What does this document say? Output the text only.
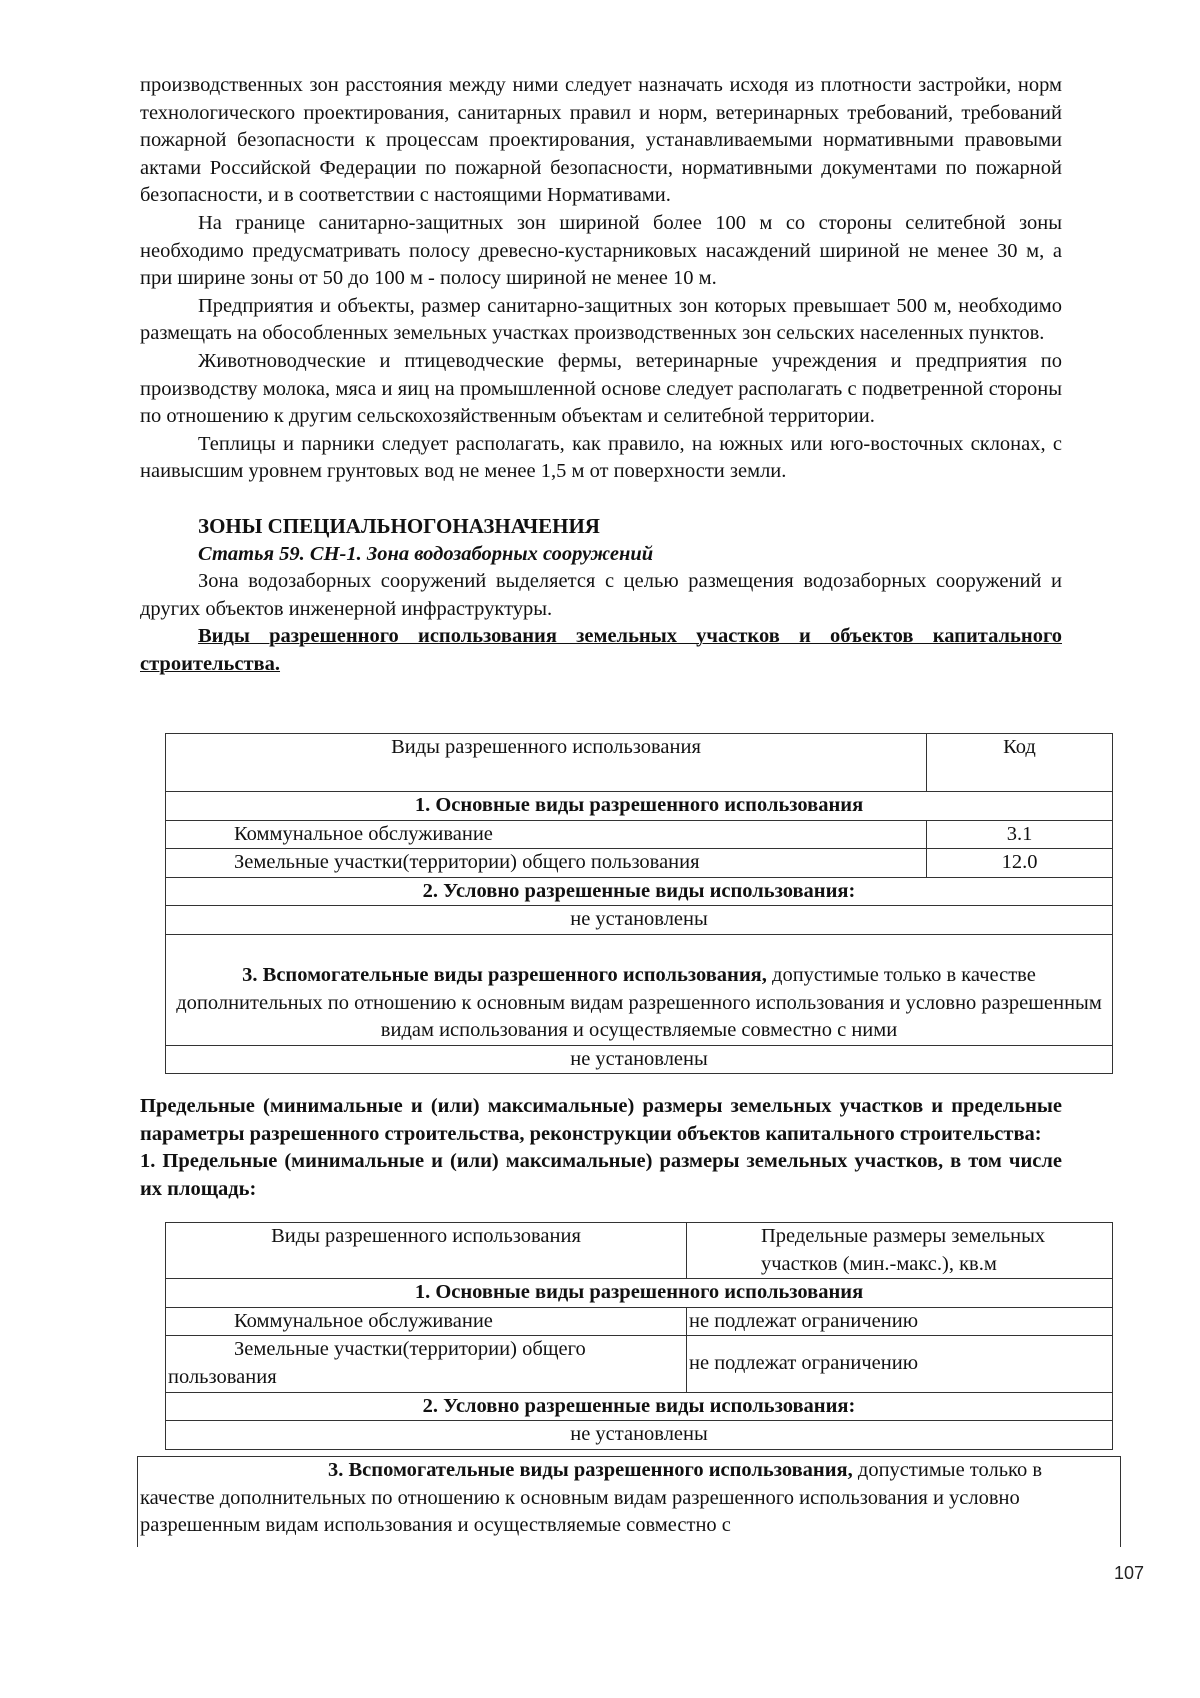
производственных зон расстояния между ними следует назначать исходя из плотности застройки, норм технологического проектирования, санитарных правил и норм, ветеринарных требований, требований пожарной безопасности к процессам проектирования, устанавливаемыми нормативными правовыми актами Российской Федерации по пожарной безопасности, нормативными документами по пожарной безопасности, и в соответствии с настоящими Нормативами.

На границе санитарно-защитных зон шириной более 100 м со стороны селитебной зоны необходимо предусматривать полосу древесно-кустарниковых насаждений шириной не менее 30 м, а при ширине зоны от 50 до 100 м - полосу шириной не менее 10 м.

Предприятия и объекты, размер санитарно-защитных зон которых превышает 500 м, необходимо размещать на обособленных земельных участках производственных зон сельских населенных пунктов.

Животноводческие и птицеводческие фермы, ветеринарные учреждения и предприятия по производству молока, мяса и яиц на промышленной основе следует располагать с подветренной стороны по отношению к другим сельскохозяйственным объектам и селитебной территории.

Теплицы и парники следует располагать, как правило, на южных или юго-восточных склонах, с наивысшим уровнем грунтовых вод не менее 1,5 м от поверхности земли.

ЗОНЫ СПЕЦИАЛЬНОГОНАЗНАЧЕНИЯ

Статья 59. СН-1. Зона водозаборных сооружений

Зона водозаборных сооружений выделяется с целью размещения водозаборных сооружений и других объектов инженерной инфраструктуры.

Виды разрешенного использования земельных участков и объектов капитального строительства.

Виды разрешенного использования	Код
1. Основные виды разрешенного использования	
Коммунальное обслуживание	3.1
Земельные участки(территории) общего пользования	12.0
2. Условно разрешенные виды использования:	
не установлены	
3. Вспомогательные виды разрешенного использования, допустимые только в качестве дополнительных по отношению к основным видам разрешенного использования и условно разрешенным видам использования и осуществляемые совместно с ними	
не установлены	

Предельные (минимальные и (или) максимальные) размеры земельных участков и предельные параметры разрешенного строительства, реконструкции объектов капитального строительства:

1. Предельные (минимальные и (или) максимальные) размеры земельных участков, в том числе их площадь:

Виды разрешенного использования	Предельные размеры земельных участков (мин.-макс.), кв.м
1. Основные виды разрешенного использования	
Коммунальное обслуживание	не подлежат ограничению
Земельные участки(территории) общего пользования	не подлежат ограничению
2. Условно разрешенные виды использования:	
не установлены	

3. Вспомогательные виды разрешенного использования, допустимые только в качестве дополнительных по отношению к основным видам разрешенного использования и условно разрешенным видам использования и осуществляемые совместно с

107
